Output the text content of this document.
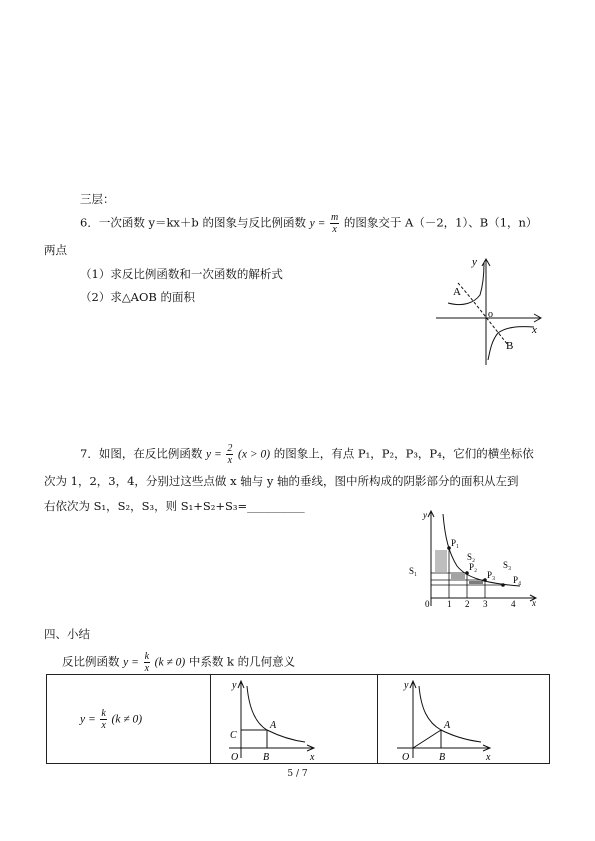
三层：
6．一次函数 y＝kx＋b 的图象与反比例函数 $y = \frac{m}{x}$ 的图象交于 A（－2，1）、B（1，n）
两点
（1）求反比例函数和一次函数的解析式
（2）求△AOB 的面积
y
x
o
A
B
7．如图，在反比例函数 $y = \frac{2}{x} (x > 0)$ 的图象上，有点 P₁，P₂，P₃，P₄，它们的横坐标依
次为 1，2，3，4，分别过这些点做 x 轴与 y 轴的垂线，图中所构成的阴影部分的面积从左到
右依次为 S₁，S₂，S₃，则 S₁+S₂+S₃=__________
y
x
0
P₁
P₂
P₃ P₄
S₁
S₂
S₃
1 2 3	4
四、小结
反比例函数 $y = \frac{k}{x} (k \ne 0)$ 中系数 k 的几何意义
$y = \frac{k}{x} (k \ne 0)$
y
x
O
A
B
C
y
x
O
A
B
5 / 7
